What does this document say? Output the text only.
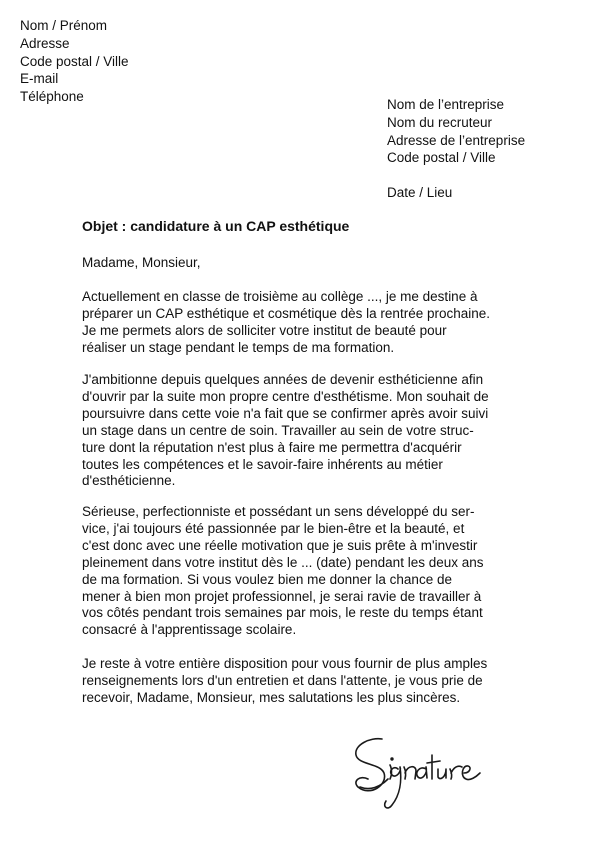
Nom / Prénom
Adresse
Code postal / Ville
E-mail
Téléphone
Nom de l’entreprise
Nom du recruteur
Adresse de l’entreprise
Code postal / Ville
Date / Lieu
Objet : candidature à un CAP esthétique
Madame, Monsieur,
Actuellement en classe de troisième au collège ..., je me destine à
préparer un CAP esthétique et cosmétique dès la rentrée prochaine.
Je me permets alors de solliciter votre institut de beauté pour
réaliser un stage pendant le temps de ma formation.
J'ambitionne depuis quelques années de devenir esthéticienne afin
d'ouvrir par la suite mon propre centre d'esthétisme. Mon souhait de
poursuivre dans cette voie n'a fait que se confirmer après avoir suivi
un stage dans un centre de soin. Travailler au sein de votre struc-
ture dont la réputation n'est plus à faire me permettra d'acquérir
toutes les compétences et le savoir-faire inhérents au métier
d'esthéticienne.
Sérieuse, perfectionniste et possédant un sens développé du ser-
vice, j'ai toujours été passionnée par le bien-être et la beauté, et
c'est donc avec une réelle motivation que je suis prête à m'investir
pleinement dans votre institut dès le ... (date) pendant les deux ans
de ma formation. Si vous voulez bien me donner la chance de
mener à bien mon projet professionnel, je serai ravie de travailler à
vos côtés pendant trois semaines par mois, le reste du temps étant
consacré à l'apprentissage scolaire.
Je reste à votre entière disposition pour vous fournir de plus amples
renseignements lors d'un entretien et dans l'attente, je vous prie de
recevoir, Madame, Monsieur, mes salutations les plus sincères.
